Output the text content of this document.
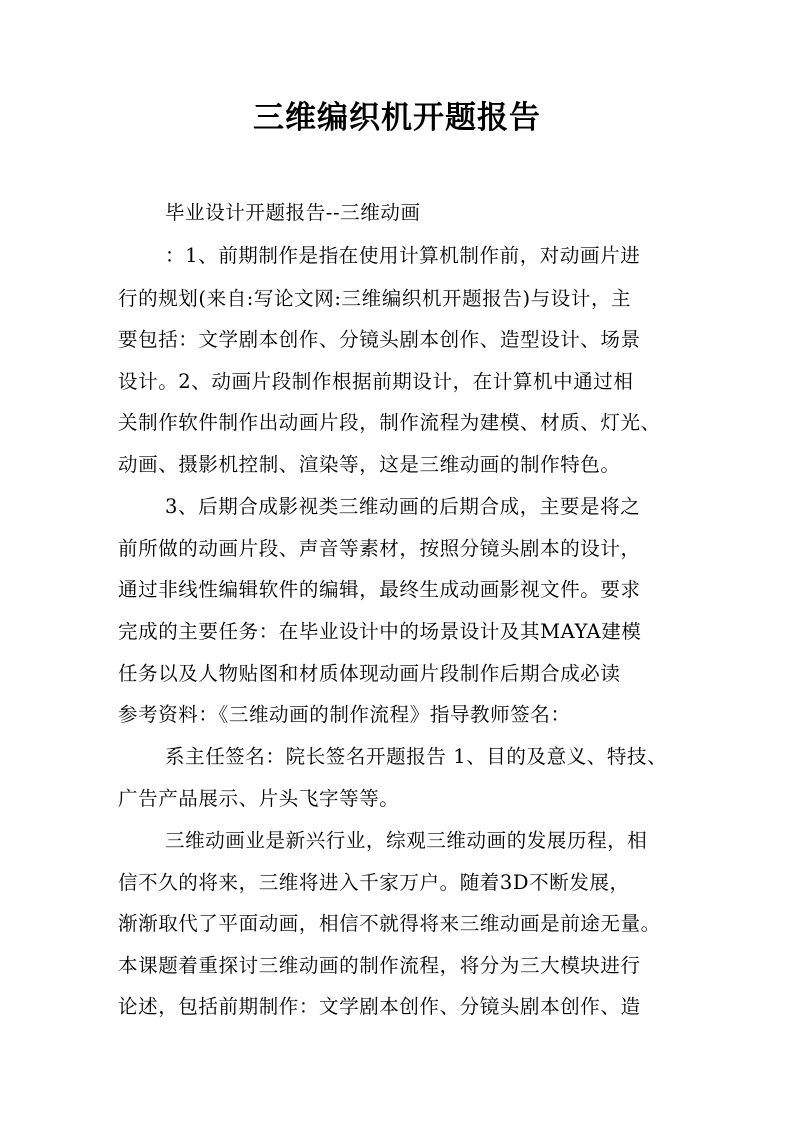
三维编织机开题报告
毕业设计开题报告--三维动画
：1、前期制作是指在使用计算机制作前，对动画片进
行的规划(来自:写论文网:三维编织机开题报告)与设计，主
要包括：文学剧本创作、分镜头剧本创作、造型设计、场景
设计。2、动画片段制作根据前期设计，在计算机中通过相
关制作软件制作出动画片段，制作流程为建模、材质、灯光、
动画、摄影机控制、渲染等，这是三维动画的制作特色。
3、后期合成影视类三维动画的后期合成，主要是将之
前所做的动画片段、声音等素材，按照分镜头剧本的设计，
通过非线性编辑软件的编辑，最终生成动画影视文件。要求
完成的主要任务：在毕业设计中的场景设计及其MAYA建模
任务以及人物贴图和材质体现动画片段制作后期合成必读
参考资料：《三维动画的制作流程》指导教师签名：
系主任签名：院长签名开题报告 1、目的及意义、特技、
广告产品展示、片头飞字等等。
三维动画业是新兴行业，综观三维动画的发展历程，相
信不久的将来，三维将进入千家万户。随着3D不断发展，
渐渐取代了平面动画，相信不就得将来三维动画是前途无量。
本课题着重探讨三维动画的制作流程，将分为三大模块进行
论述，包括前期制作：文学剧本创作、分镜头剧本创作、造
